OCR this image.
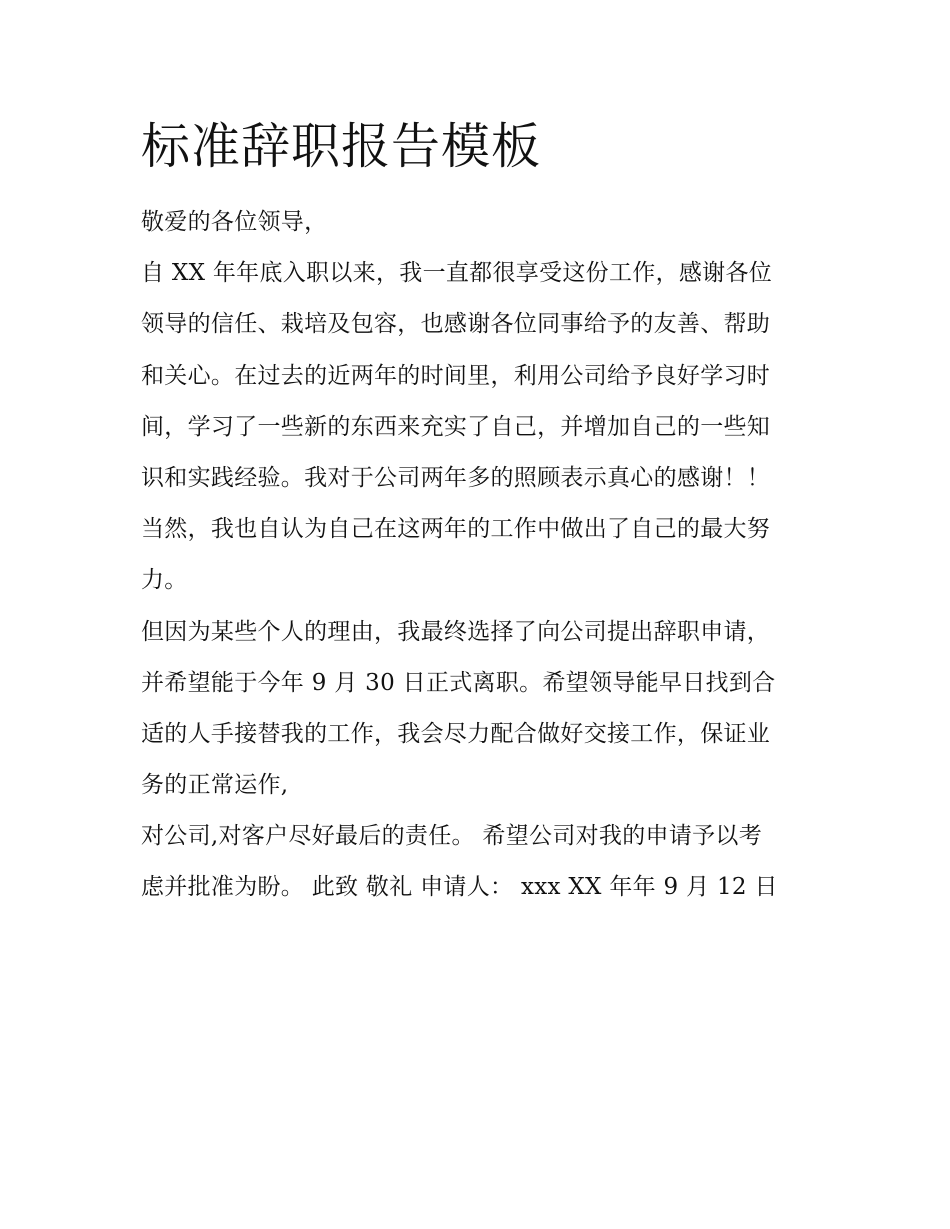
标准辞职报告模板
敬爱的各位领导，
自 XX 年年底入职以来，我一直都很享受这份工作，感谢各位
领导的信任、栽培及包容，也感谢各位同事给予的友善、帮助
和关心。在过去的近两年的时间里，利用公司给予良好学习时
间，学习了一些新的东西来充实了自己，并增加自己的一些知
识和实践经验。我对于公司两年多的照顾表示真心的感谢！！
当然，我也自认为自己在这两年的工作中做出了自己的最大努
力。
但因为某些个人的理由，我最终选择了向公司提出辞职申请，
并希望能于今年 9 月 30 日正式离职。希望领导能早日找到合
适的人手接替我的工作，我会尽力配合做好交接工作，保证业
务的正常运作,
对公司,对客户尽好最后的责任。 希望公司对我的申请予以考
虑并批准为盼。 此致 敬礼 申请人： xxx XX 年年 9 月 12 日
